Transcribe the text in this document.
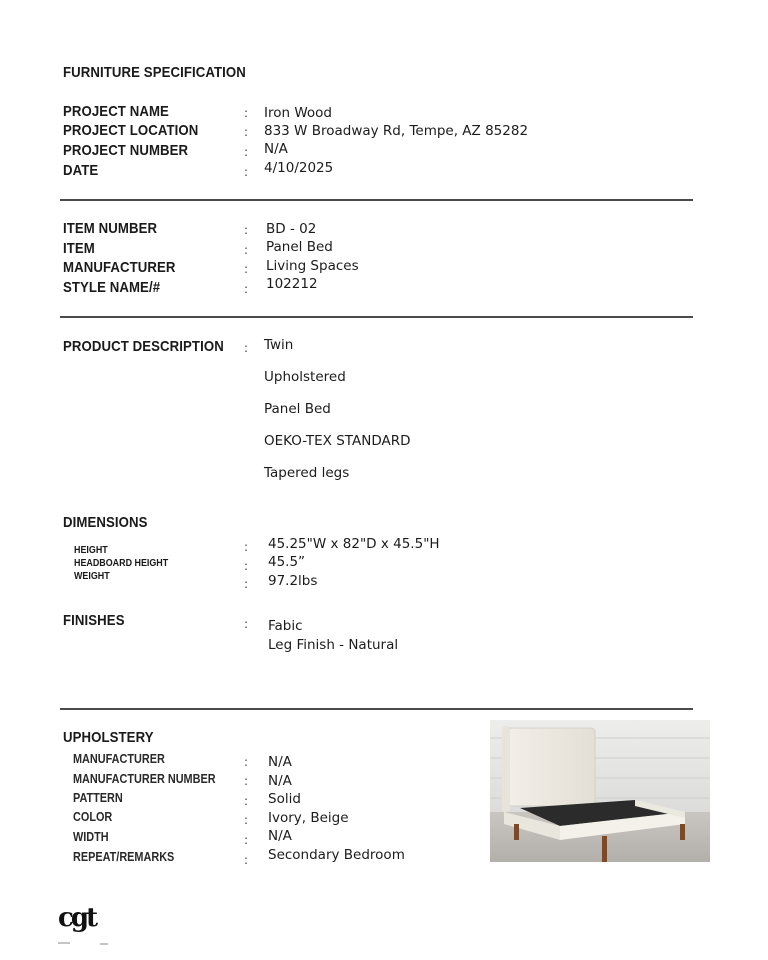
FURNITURE SPECIFICATION
PROJECT NAME
PROJECT LOCATION
PROJECT NUMBER
DATE
:
:
:
:
Iron Wood
833 W Broadway Rd, Tempe, AZ 85282
N/A
4/10/2025
ITEM NUMBER
ITEM
MANUFACTURER
STYLE NAME/#
:
:
:
:
BD - 02
Panel Bed
Living Spaces
102212
PRODUCT DESCRIPTION : Twin
Upholstered
Panel Bed
OEKO-TEX STANDARD
Tapered legs
DIMENSIONS
HEIGHT
HEADBOARD HEIGHT
WEIGHT
:
:
:
45.25"W x 82"D x 45.5"H
45.5”
97.2lbs
FINISHES	: Fabic
Leg Finish - Natural
UPHOLSTERY
MANUFACTURER
MANUFACTURER NUMBER
PATTERN
COLOR
WIDTH
REPEAT/REMARKS
:
:
:
:
:
:
N/A
N/A
Solid
Ivory, Beige
N/A
Secondary Bedroom
cgt
